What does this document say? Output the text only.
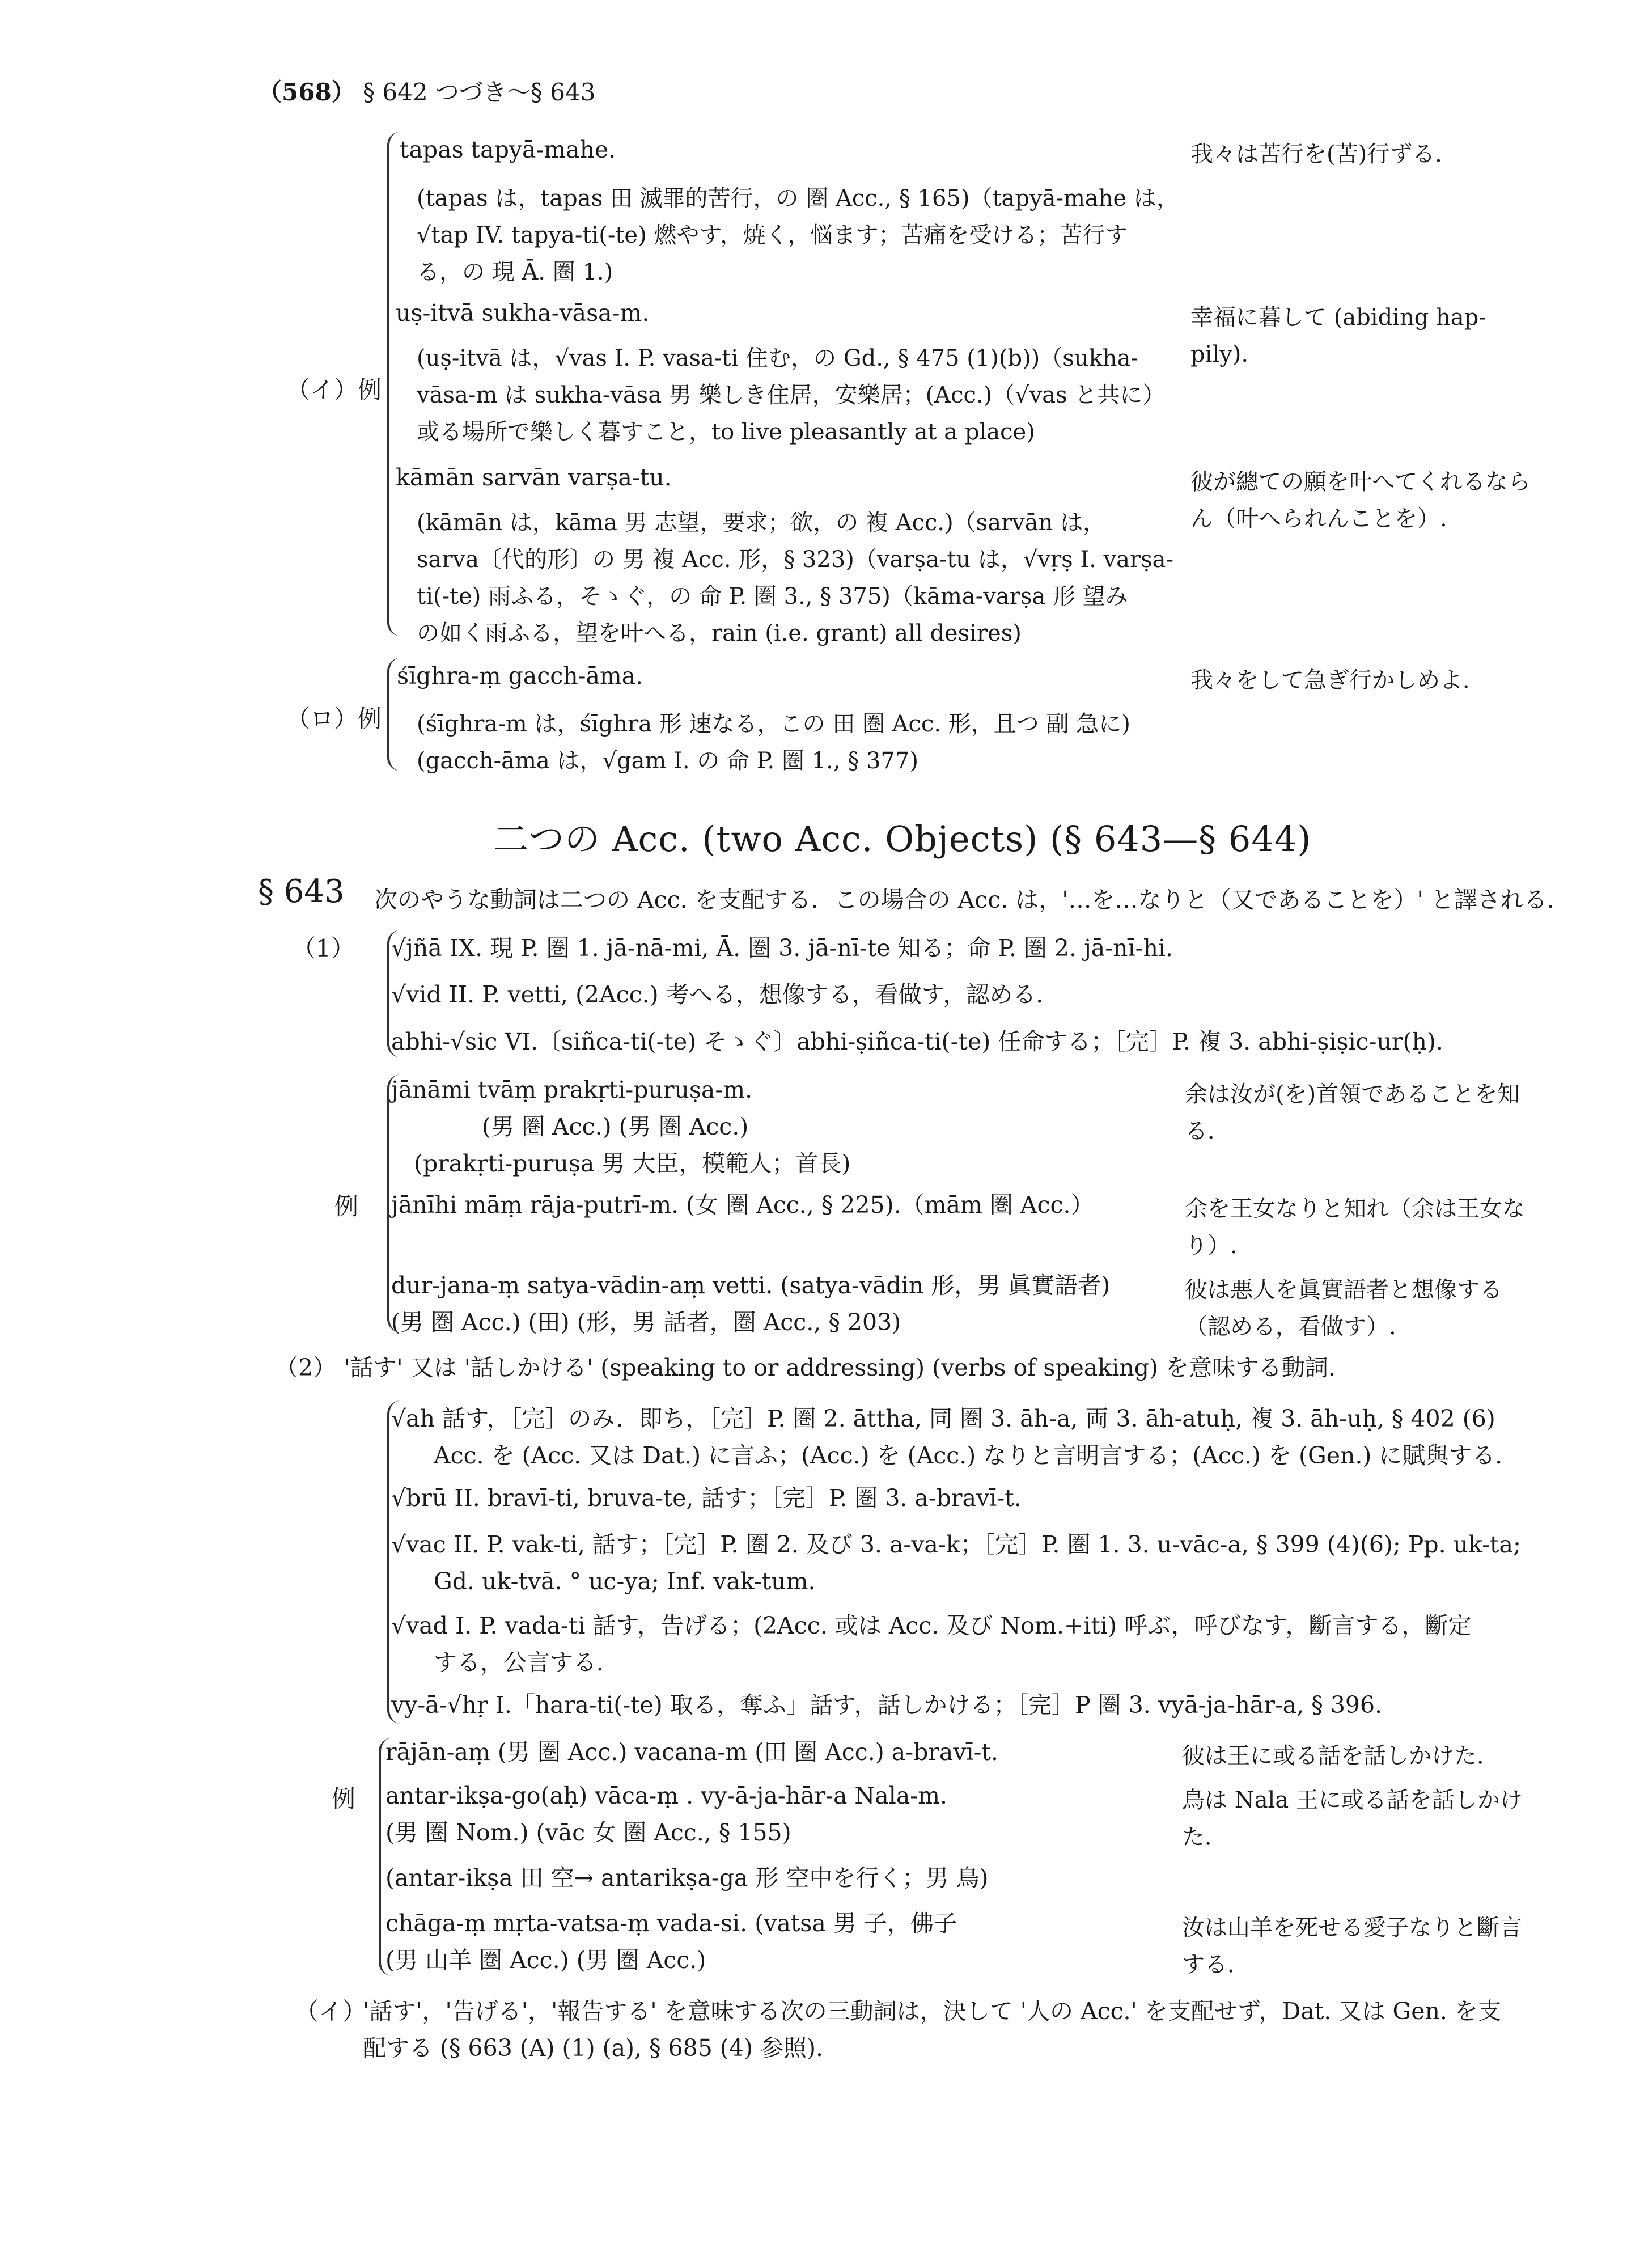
（568） § 642 つづき～§ 643
（イ）例
tapas tapyā-mahe.
(tapas は，tapas 田 滅罪的苦行，の 圏 Acc., § 165)（tapyā-mahe は，
√tap IV. tapya-ti(-te) 燃やす，焼く，悩ます；苦痛を受ける；苦行す
る，の 現 Ā. 圏 1.)
我々は苦行を(苦)行ずる．
uṣ-itvā sukha-vāsa-m.
(uṣ-itvā は，√vas I. P. vasa-ti 住む，の Gd., § 475 (1)(b))（sukha-
vāsa-m は sukha-vāsa 男 樂しき住居，安樂居；(Acc.)（√vas と共に）
或る場所で樂しく暮すこと，to live pleasantly at a place)
幸福に暮して (abiding happily).
kāmān sarvān varṣa-tu.
(kāmān は，kāma 男 志望，要求；欲，の 複 Acc.)（sarvān は，
sarva〔代的形〕の 男 複 Acc. 形，§ 323)（varṣa-tu は，√vṛṣ I. varṣa-
ti(-te) 雨ふる，そゝぐ，の 命 P. 圏 3., § 375)（kāma-varṣa 形 望み
の如く雨ふる，望を叶へる，rain (i.e. grant) all desires)
彼が總ての願を叶へてくれるならん（叶へられんことを）.
（ロ）例
śīghra-ṃ gacch-āma.
(śīghra-m は，śīghra 形 速なる，この 田 圏 Acc. 形，且つ 副 急に)
(gacch-āma は，√gam I. の 命 P. 圏 1., § 377)
我々をして急ぎ行かしめよ．
二つの Acc. (two Acc. Objects) (§ 643—§ 644)
§ 643 次のやうな動詞は二つの Acc. を支配する．この場合の Acc. は，'…を…なりと（又であることを）' と譯される．
（1） √jñā IX. 現 P. 圏 1. jā-nā-mi, Ā. 圏 3. jā-nī-te 知る；命 P. 圏 2. jā-nī-hi.
√vid II. P. vetti, (2Acc.) 考へる，想像する，看做す，認める．
abhi-√sic VI.〔siñca-ti(-te) そゝぐ〕abhi-ṣiñca-ti(-te) 任命する；［完］P. 複 3. abhi-ṣiṣic-ur(ḥ).
例
jānāmi tvāṃ prakṛti-puruṣa-m.
(男 圏 Acc.) (男 圏 Acc.)
(prakṛti-puruṣa 男 大臣，模範人；首長)
余は汝が(を)首領であることを知る．
jānīhi māṃ rāja-putrī-m. (女 圏 Acc., § 225).（mām 圏 Acc.）	余を王女なりと知れ（余は王女なり）.
dur-jana-ṃ satya-vādin-aṃ vetti. (satya-vādin 形，男 眞實語者)
(男 圏 Acc.) (田) (形，男 話者，圏 Acc., § 203)
彼は悪人を眞實語者と想像する（認める，看做す）.
（2） '話す' 又は '話しかける' (speaking to or addressing) (verbs of speaking) を意味する動詞．
√ah 話す，［完］のみ．即ち，［完］P. 圏 2. āttha, 同 圏 3. āh-a, 両 3. āh-atuḥ, 複 3. āh-uḥ, § 402 (6)
Acc. を (Acc. 又は Dat.) に言ふ；(Acc.) を (Acc.) なりと言明言する；(Acc.) を (Gen.) に賦與する．
√brū II. bravī-ti, bruva-te, 話す；［完］P. 圏 3. a-bravī-t.
√vac II. P. vak-ti, 話す；［完］P. 圏 2. 及び 3. a-va-k；［完］P. 圏 1. 3. u-vāc-a, § 399 (4)(6); Pp. uk-ta;
Gd. uk-tvā. ° uc-ya; Inf. vak-tum.
√vad I. P. vada-ti 話す，告げる；(2Acc. 或は Acc. 及び Nom.+iti) 呼ぶ，呼びなす，斷言する，斷定
する，公言する．
vy-ā-√hṛ I.「hara-ti(-te) 取る，奪ふ」話す，話しかける；［完］P 圏 3. vyā-ja-hār-a, § 396.
例
rājān-aṃ (男 圏 Acc.) vacana-m (田 圏 Acc.) a-bravī-t.	彼は王に或る話を話しかけた．
antar-ikṣa-go(aḥ) vāca-ṃ . vy-ā-ja-hār-a Nala-m.
(男 圏 Nom.) (vāc 女 圏 Acc., § 155)
(antar-ikṣa 田 空→ antarikṣa-ga 形 空中を行く；男 鳥)
鳥は Nala 王に或る話を話しかけた．
chāga-ṃ mṛta-vatsa-ṃ vada-si. (vatsa 男 子，佛子
(男 山羊 圏 Acc.) (男 圏 Acc.)
汝は山羊を死せる愛子なりと斷言する．
（イ）
'話す'，'告げる'，'報告する' を意味する次の三動詞は，決して '人の Acc.' を支配せず，Dat. 又は Gen. を支
配する (§ 663 (A) (1) (a), § 685 (4) 参照).
